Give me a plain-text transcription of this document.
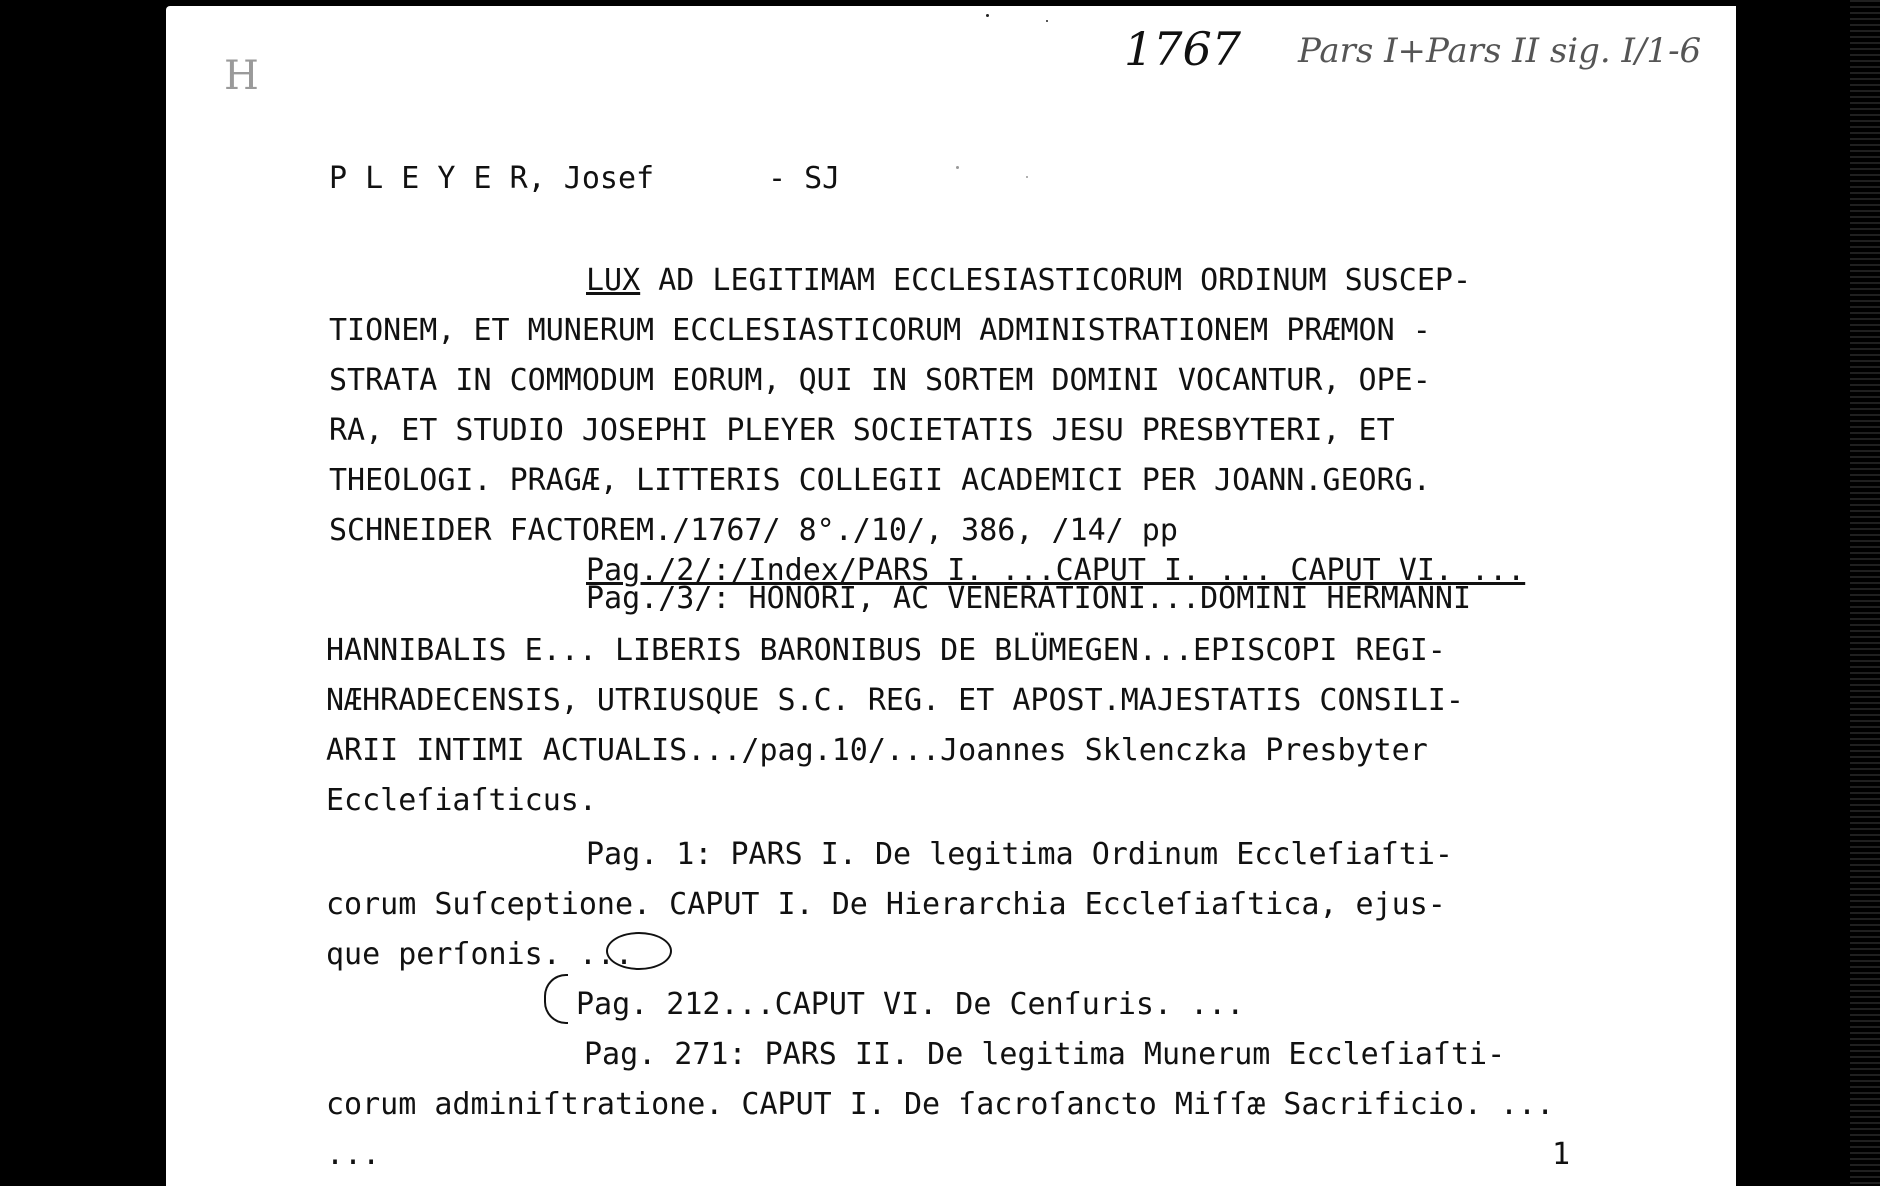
H	1767 Pars I+Pars II sig. I/1-6
P L E Y E R, Josef	- SJ
LUX AD LEGITIMAM ECCLESIASTICORUM ORDINUM SUSCEP-
TIONEM, ET MUNERUM ECCLESIASTICORUM ADMINISTRATIONEM PRÆMON -
STRATA IN COMMODUM EORUM, QUI IN SORTEM DOMINI VOCANTUR, OPE-
RA, ET STUDIO JOSEPHI PLEYER SOCIETATIS JESU PRESBYTERI, ET
THEOLOGI. PRAGÆ, LITTERIS COLLEGII ACADEMICI PER JOANN.GEORG.
SCHNEIDER FACTOREM./1767/ 8°./10/, 386, /14/ pp
Pag./2/:/Index/PARS I. ...CAPUT I. ... CAPUT VI. ...
Pag./3/: HONORI, AC VENERATIONI...DOMINI HERMANNI
HANNIBALIS E... LIBERIS BARONIBUS DE BLÜMEGEN...EPISCOPI REGI-
NÆHRADECENSIS, UTRIUSQUE S.C. REG. ET APOST.MAJESTATIS CONSILI-
ARII INTIMI ACTUALIS.../pag.10/...Joannes Sklenczka Presbyter
Eccleſiaſticus.
Pag. 1: PARS I. De legitima Ordinum Eccleſiaſti-
corum Suſceptione. CAPUT I. De Hierarchia Eccleſiaſtica, ejus-
que perſonis. ...
Pag. 212...CAPUT VI. De Cenſuris. ...
Pag. 271: PARS II. De legitima Munerum Eccleſiaſti-
corum adminiſtratione. CAPUT I. De ſacroſancto Miſſæ Sacrificio. ...
...	1
